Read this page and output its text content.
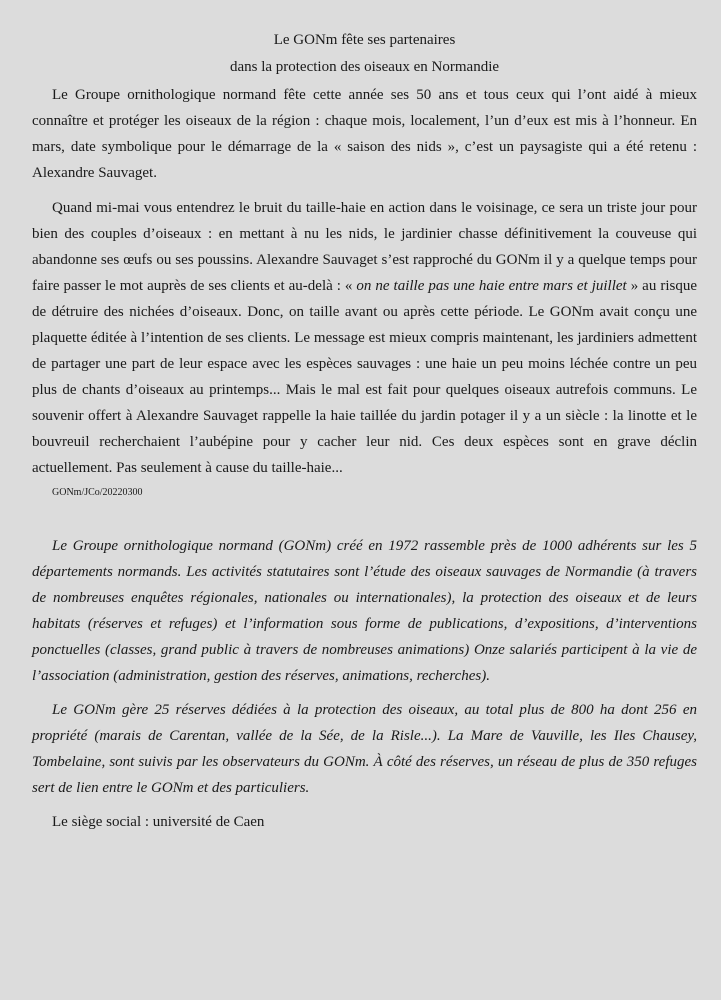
Le GONm fête ses partenaires
dans la protection des oiseaux en Normandie

Le Groupe ornithologique normand fête cette année ses 50 ans et tous ceux qui l’ont aidé à mieux connaître et protéger les oiseaux de la région : chaque mois, localement, l’un d’eux est mis à l’honneur. En mars, date symbolique pour le démarrage de la « saison des nids », c’est un paysagiste qui a été retenu : Alexandre Sauvaget.

Quand mi-mai vous entendrez le bruit du taille-haie en action dans le voisinage, ce sera un triste jour pour bien des couples d’oiseaux : en mettant à nu les nids, le jardinier chasse définitivement la couveuse qui abandonne ses œufs ou ses poussins. Alexandre Sauvaget s’est rapproché du GONm il y a quelque temps pour faire passer le mot auprès de ses clients et au-delà : « on ne taille pas une haie entre mars et juillet » au risque de détruire des nichées d’oiseaux. Donc, on taille avant ou après cette période. Le GONm avait conçu une plaquette éditée à l’intention de ses clients. Le message est mieux compris maintenant, les jardiniers admettent de partager une part de leur espace avec les espèces sauvages : une haie un peu moins léchée contre un peu plus de chants d’oiseaux au printemps... Mais le mal est fait pour quelques oiseaux autrefois communs. Le souvenir offert à Alexandre Sauvaget rappelle la haie taillée du jardin potager il y a un siècle : la linotte et le bouvreuil recherchaient l’aubépine pour y cacher leur nid. Ces deux espèces sont en grave déclin actuellement. Pas seulement à cause du taille-haie...

GONm/JCo/20220300

Le Groupe ornithologique normand (GONm) créé en 1972 rassemble près de 1000 adhérents sur les 5 départements normands. Les activités statutaires sont l’étude des oiseaux sauvages de Normandie (à travers de nombreuses enquêtes régionales, nationales ou internationales), la protection des oiseaux et de leurs habitats (réserves et refuges) et l’information sous forme de publications, d’expositions, d’interventions ponctuelles (classes, grand public à travers de nombreuses animations) Onze salariés participent à la vie de l’association (administration, gestion des réserves, animations, recherches).

Le GONm gère 25 réserves dédiées à la protection des oiseaux, au total plus de 800 ha dont 256 en propriété (marais de Carentan, vallée de la Sée, de la Risle...). La Mare de Vauville, les Iles Chausey, Tombelaine, sont suivis par les observateurs du GONm. À côté des réserves, un réseau de plus de 350 refuges sert de lien entre le GONm et des particuliers.

Le siège social : université de Caen
